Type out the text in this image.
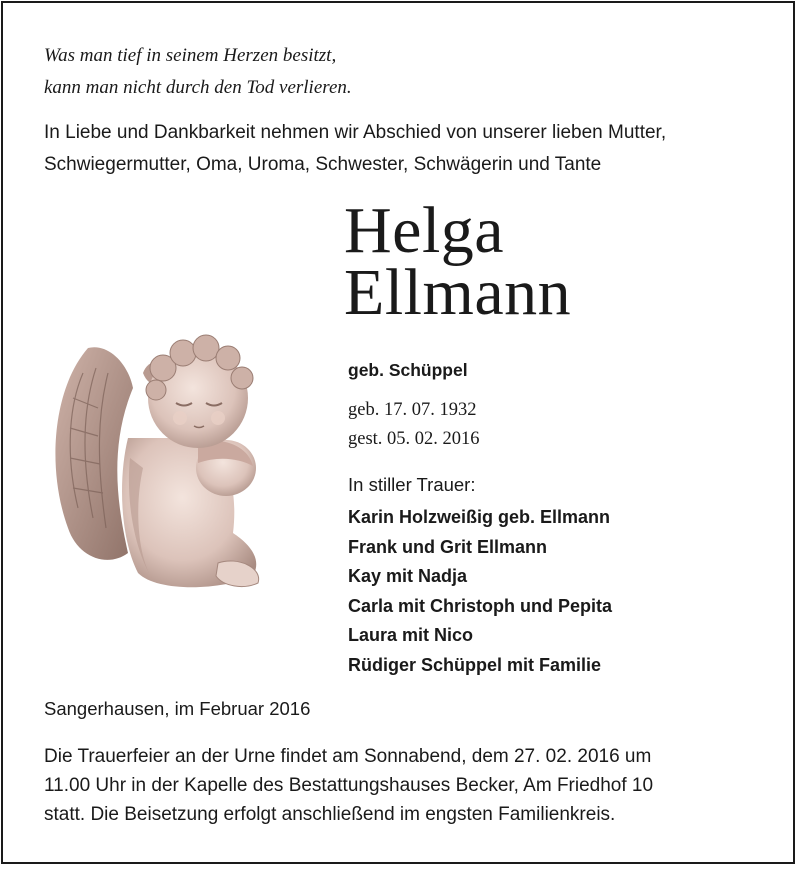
Was man tief in seinem Herzen besitzt,
kann man nicht durch den Tod verlieren.
In Liebe und Dankbarkeit nehmen wir Abschied von unserer lieben Mutter,
Schwiegermutter, Oma, Uroma, Schwester, Schwägerin und Tante
Helga
Ellmann
geb. Schüppel
geb. 17. 07. 1932
gest. 05. 02. 2016
In stiller Trauer:
Karin Holzweißig geb. Ellmann
Frank und Grit Ellmann
Kay mit Nadja
Carla mit Christoph und Pepita
Laura mit Nico
Rüdiger Schüppel mit Familie
Sangerhausen, im Februar 2016
Die Trauerfeier an der Urne findet am Sonnabend, dem 27. 02. 2016 um
11.00 Uhr in der Kapelle des Bestattungshauses Becker, Am Friedhof 10
statt. Die Beisetzung erfolgt anschließend im engsten Familienkreis.
